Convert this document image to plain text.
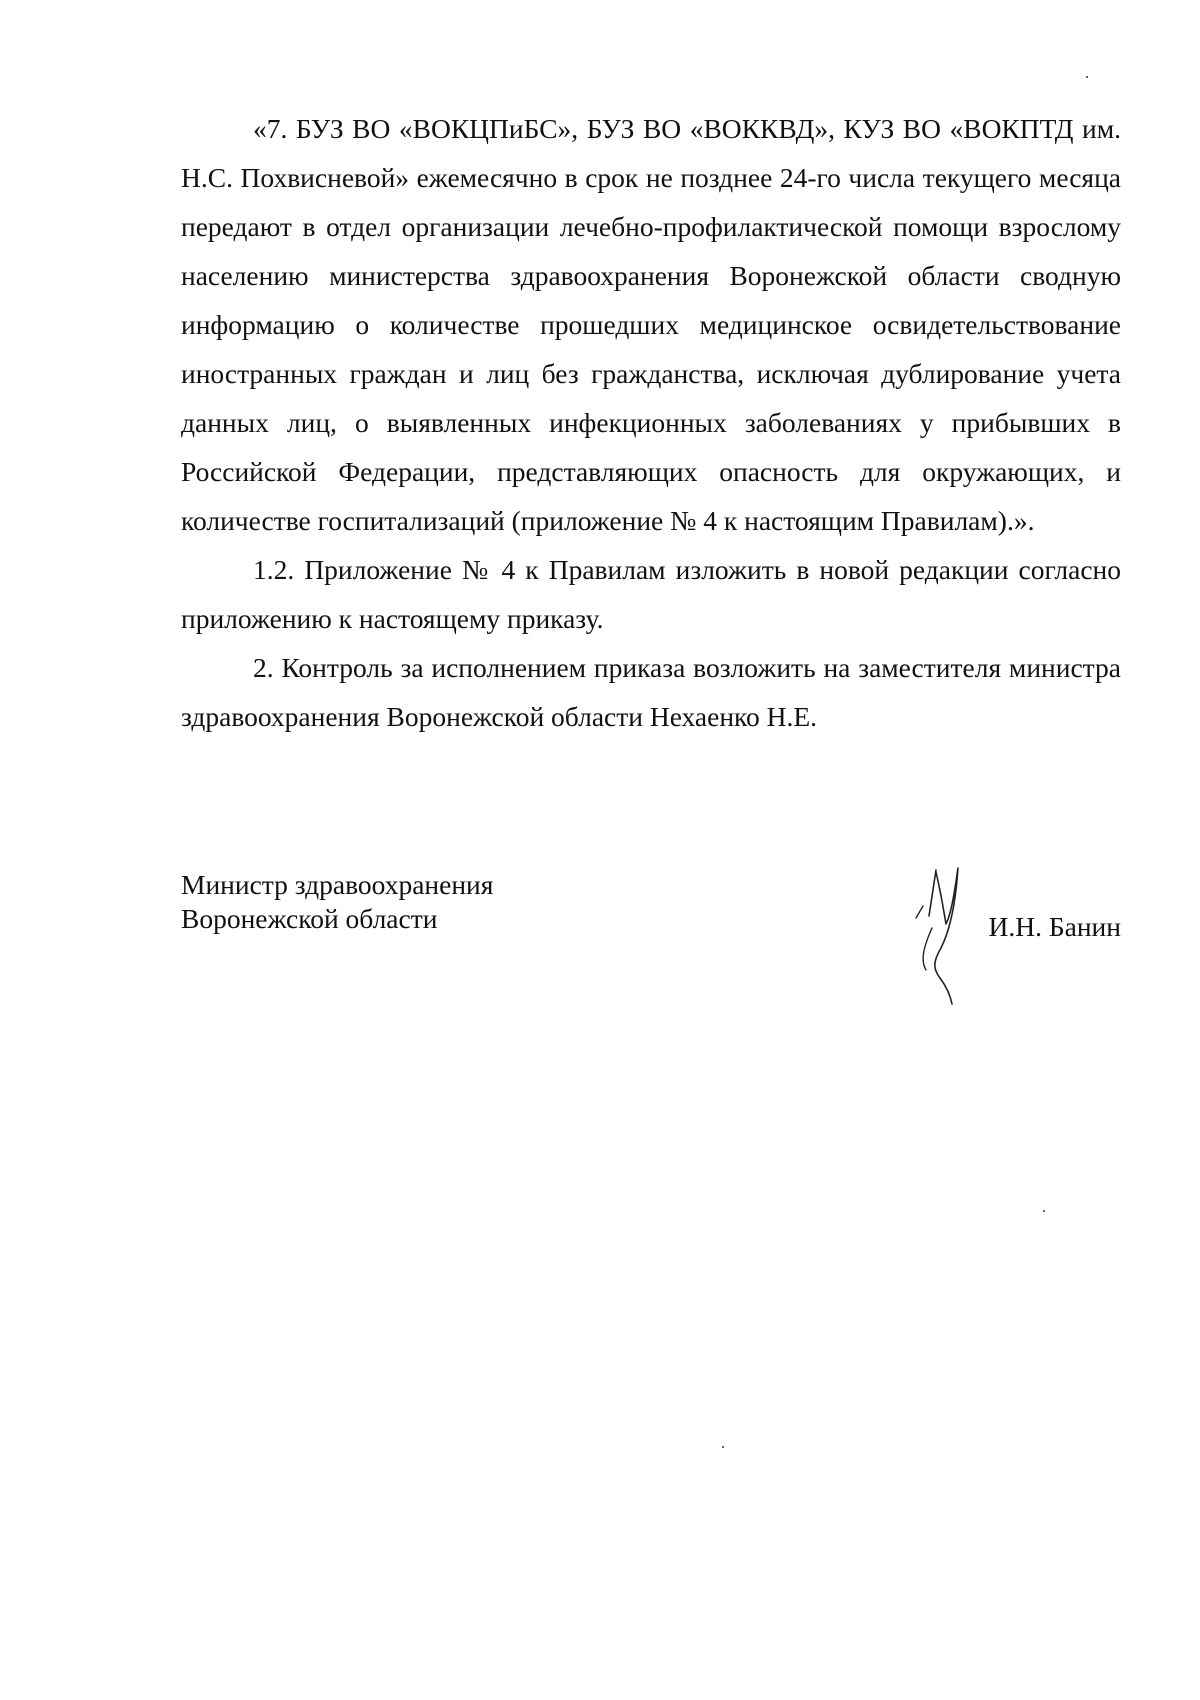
«7. БУЗ ВО «ВОКЦПиБС», БУЗ ВО «ВОККВД», КУЗ ВО «ВОКПТД им. Н.С. Похвисневой» ежемесячно в срок не позднее 24-го числа текущего месяца передают в отдел организации лечебно-профилактической помощи взрослому населению министерства здравоохранения Воронежской области сводную информацию о количестве прошедших медицинское освидетельствование иностранных граждан и лиц без гражданства, исключая дублирование учета данных лиц, о выявленных инфекционных заболеваниях у прибывших в Российской Федерации, представляющих опасность для окружающих, и количестве госпитализаций (приложение № 4 к настоящим Правилам).».

1.2. Приложение № 4 к Правилам изложить в новой редакции согласно приложению к настоящему приказу.

2. Контроль за исполнением приказа возложить на заместителя министра здравоохранения Воронежской области Нехаенко Н.Е.

Министр здравоохранения
Воронежской области	И.Н. Банин
